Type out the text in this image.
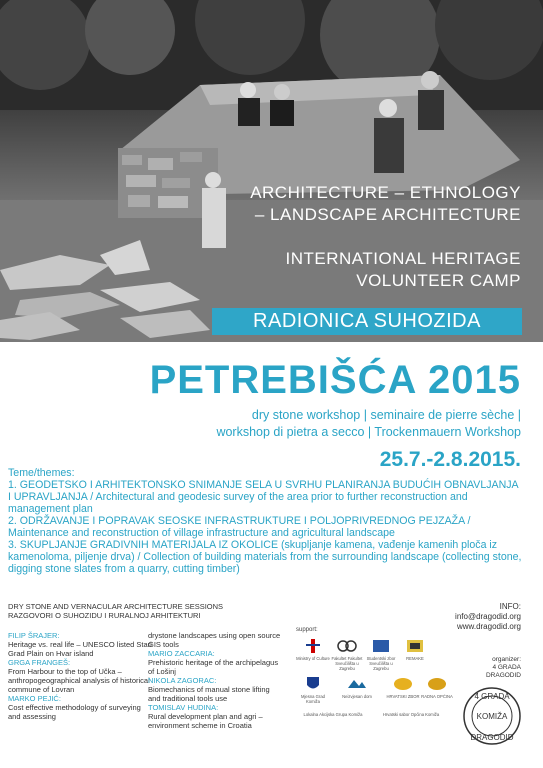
ARCHITECTURE – ETHNOLOGY
– LANDSCAPE ARCHITECTURE
INTERNATIONAL HERITAGE
VOLUNTEER CAMP
RADIONICA SUHOZIDA
PETREBIŠĆA 2015
dry stone workshop | seminaire de pierre sèche |
workshop di pietra a secco | Trockenmauern Workshop
25.7.-2.8.2015.
Teme/themes:
1. GEODETSKO I ARHITEKTONSKO SNIMANJE SELA U SVRHU PLANIRANJA BUDUĆIH OBNAVLJANJA I UPRAVLJANJA / Architectural and geodesic survey of the area prior to further reconstruction and management plan
2. ODRŽAVANJE I POPRAVAK SEOSKE INFRASTRUKTURE I POLJOPRIVREDNOG PEJZAŽA / Maintenance and reconstruction of village infrastructure and agricultural landscape
3. SKUPLJANJE GRADIVNIH MATERIJALA IZ OKOLICE (skupljanje kamena, vađenje kamenih ploča iz kamenoloma, piljenje drva) / Collection of building materials from the surrounding landscape (collecting stone, digging stone slates from a quarry, cutting timber)
DRY STONE AND VERNACULAR ARCHITECTURE SESSIONS
RAZGOVORI O SUHOZIDU I RURALNOJ ARHITEKTURI
FILIP ŠRAJER:
Heritage vs. real life – UNESCO listed Stari Grad Plain on Hvar island
GRGA FRANGEŠ:
From Harbour to the top of Učka – anthropogeographical analysis of historical commune of Lovran
MARKO PEJIĆ:
Cost effective methodology of surveying and assessing
drystone landscapes using open source GIS tools
MARIO ZACCARIA:
Prehistoric heritage of the archipelagus of Lošinj
NIKOLA ZAGORAC:
Biomechanics of manual stone lifting and traditional tools use
TOMISLAV HUDINA:
Rural development plan and agri – environment scheme in Croatia
support:
Ministry of Culture Fakultet Fakultet Sveučilišta u Zagrebu
Studentski zbor Sveučilišta u Zagrebu
REMAKE
Mjesna Grad Komiža
Neizvjesan dom	HRVATSKI ZBOR RADNA OPĆINA
Lokalna Akcijska Grupa Komiža	Hrvatski sabor Općina Komiža
INFO:
info@dragodid.org
www.dragodid.org
organizer:
4 GRADA
DRAGODID
4 GRADA
KOMIŽA
DRAGODID
